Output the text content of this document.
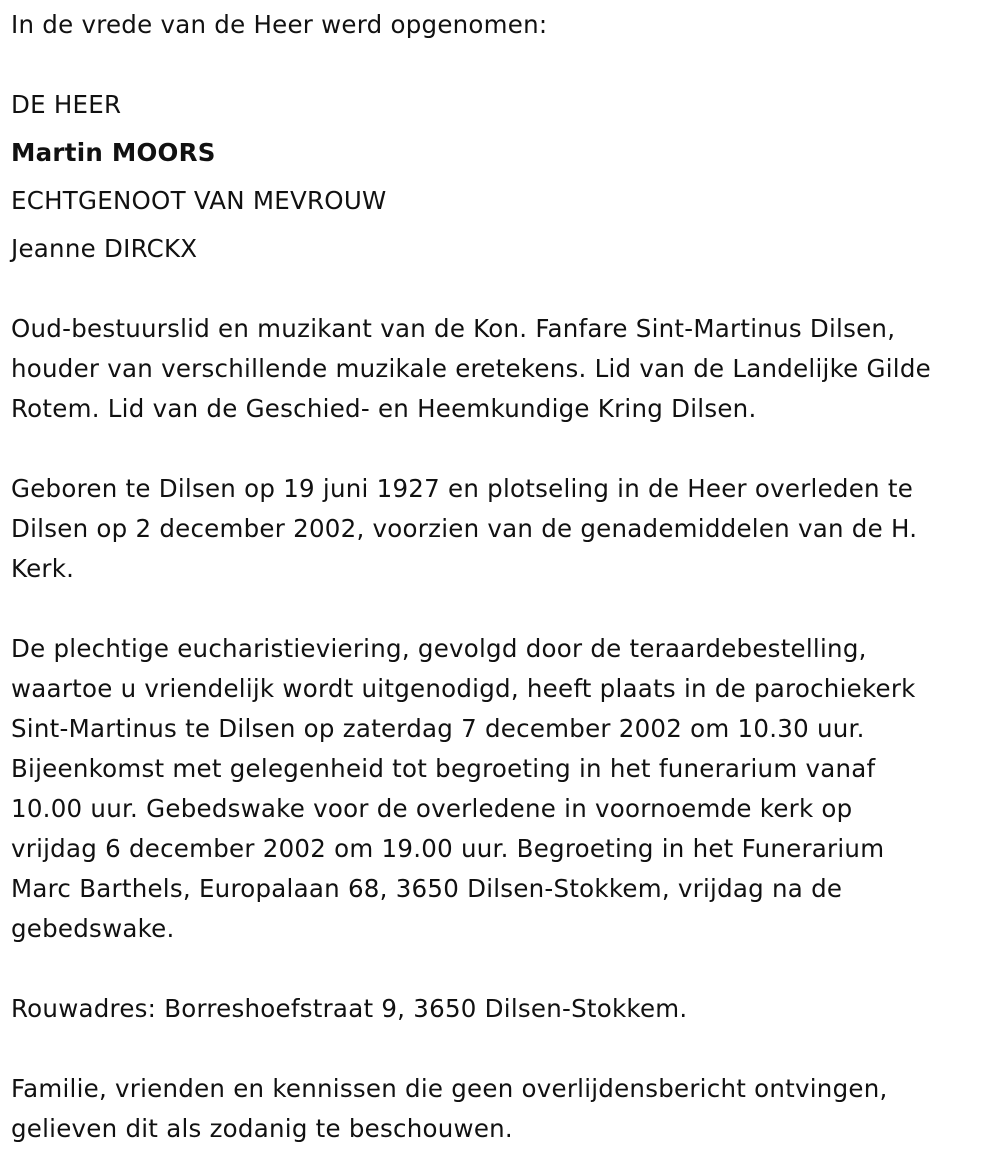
In de vrede van de Heer werd opgenomen:
DE HEER
Martin MOORS
ECHTGENOOT VAN MEVROUW
Jeanne DIRCKX
Oud-bestuurslid en muzikant van de Kon. Fanfare Sint-Martinus Dilsen,
houder van verschillende muzikale eretekens. Lid van de Landelijke Gilde
Rotem. Lid van de Geschied- en Heemkundige Kring Dilsen.
Geboren te Dilsen op 19 juni 1927 en plotseling in de Heer overleden te
Dilsen op 2 december 2002, voorzien van de genademiddelen van de H.
Kerk.
De plechtige eucharistieviering, gevolgd door de teraardebestelling,
waartoe u vriendelijk wordt uitgenodigd, heeft plaats in de parochiekerk
Sint-Martinus te Dilsen op zaterdag 7 december 2002 om 10.30 uur.
Bijeenkomst met gelegenheid tot begroeting in het funerarium vanaf
10.00 uur. Gebedswake voor de overledene in voornoemde kerk op
vrijdag 6 december 2002 om 19.00 uur. Begroeting in het Funerarium
Marc Barthels, Europalaan 68, 3650 Dilsen-Stokkem, vrijdag na de
gebedswake.
Rouwadres: Borreshoefstraat 9, 3650 Dilsen-Stokkem.
Familie, vrienden en kennissen die geen overlijdensbericht ontvingen,
gelieven dit als zodanig te beschouwen.
